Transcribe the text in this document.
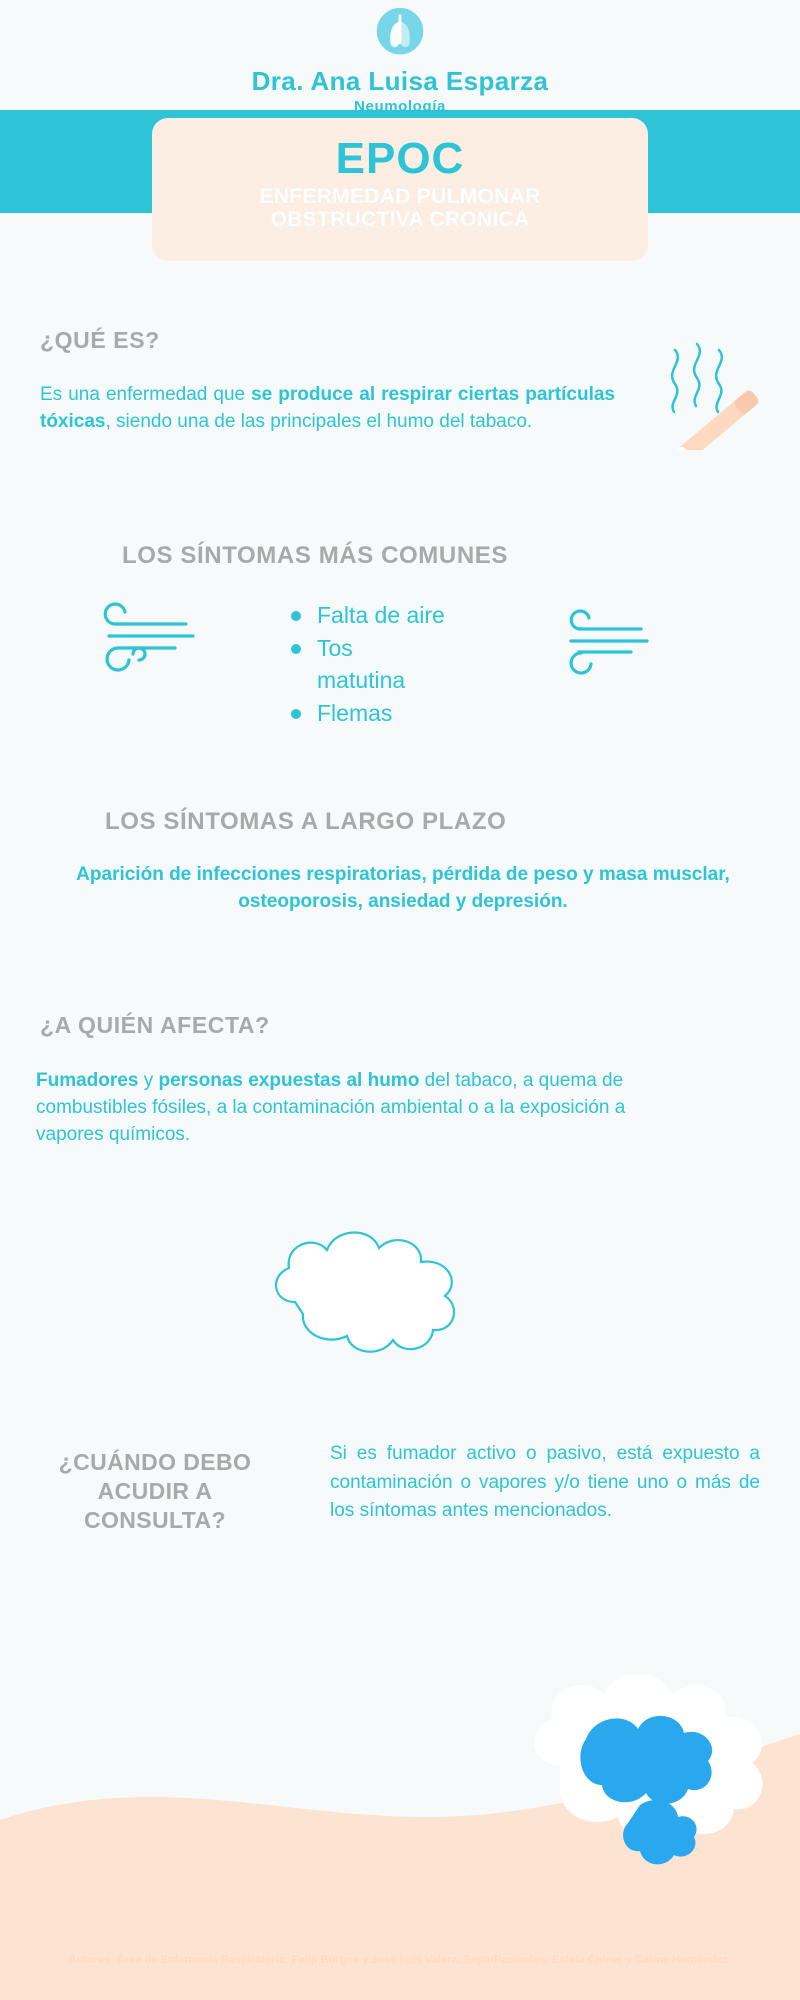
Dra. Ana Luisa Esparza
Neumología
EPOC
ENFERMEDAD PULMONAR
OBSTRUCTIVA CRONICA
¿QUÉ ES?
Es una enfermedad que se produce al respirar ciertas partículas tóxicas, siendo una de las principales el humo del tabaco.
LOS SÍNTOMAS MÁS COMUNES
Falta de aire
Tos
matutina
Flemas
LOS SÍNTOMAS A LARGO PLAZO
Aparición de infecciones respiratorias, pérdida de peso y masa musclar, osteoporosis, ansiedad y depresión.
¿A QUIÉN AFECTA?
Fumadores y personas expuestas al humo del tabaco, a quema de combustibles fósiles, a la contaminación ambiental o a la exposición a vapores químicos.
¿CUÁNDO DEBO ACUDIR A CONSULTA?
Si es fumador activo o pasivo, está expuesto a contaminación o vapores y/o tiene uno o más de los síntomas antes mencionados.
Autores: Área de Enfermería Respiratoria: Felip Burgos y José Luis Valera. SeparPacientes: Estela Chiner y Carme Hernández.
